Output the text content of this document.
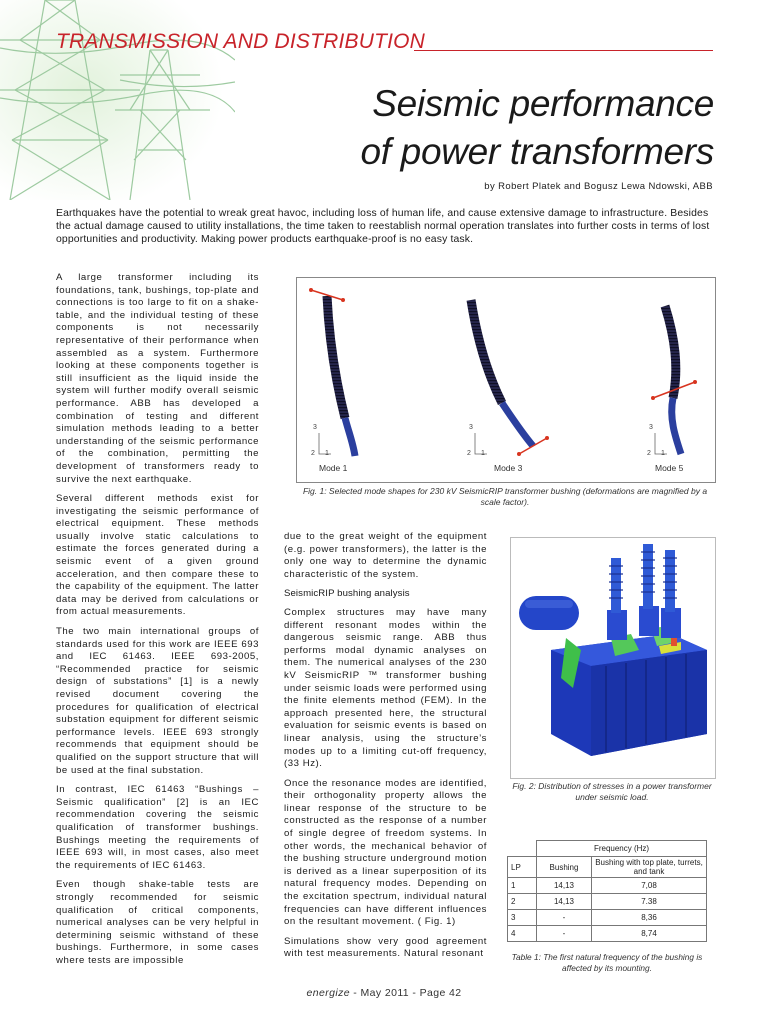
TRANSMISSION AND DISTRIBUTION
Seismic performance
of power transformers
by Robert Platek and Bogusz Lewa Ndowski, ABB
Earthquakes have the potential to wreak great havoc, including loss of human life, and cause extensive damage to infrastructure. Besides the actual damage caused to utility installations, the time taken to reestablish normal operation translates into further costs in terms of lost opportunities and productivity. Making power products earthquake-proof is no easy task.

A large transformer including its foundations, tank, bushings, top-plate and connections is too large to fit on a shake-table, and the individual testing of these components is not necessarily representative of their performance when assembled as a system. Furthermore looking at these components together is still insufficient as the liquid inside the system will further modify overall seismic performance. ABB has developed a combination of testing and different simulation methods leading to a better understanding of the seismic performance of the combination, permitting the development of transformers ready to survive the next earthquake.

Several different methods exist for investigating the seismic performance of electrical equipment. These methods usually involve static calculations to estimate the forces generated during a seismic event of a given ground acceleration, and then compare these to the capability of the equipment. The latter data may be derived from calculations or from actual measurements.

The two main international groups of standards used for this work are IEEE 693 and IEC 61463. IEEE 693-2005, “Recommended practice for seismic design of substations” [1] is a newly revised document covering the procedures for qualification of electrical substation equipment for different seismic performance levels. IEEE 693 strongly recommends that equipment should be qualified on the support structure that will be used at the final substation.

In contrast, IEC 61463 “Bushings – Seismic qualification” [2] is an IEC recommendation covering the seismic qualification of transformer bushings. Bushings meeting the requirements of IEEE 693 will, in most cases, also meet the requirements of IEC 61463.

Even though shake-table tests are strongly recommended for seismic qualification of critical components, numerical analyses can be very helpful in determining seismic withstand of these bushings. Furthermore, in some cases where tests are impossible

3
2 1
3
2 1
3
2 1
Mode 1	Mode 3	Mode 5
Fig. 1: Selected mode shapes for 230 kV SeismicRIP transformer bushing (deformations are magnified by a scale factor).

due to the great weight of the equipment (e.g. power transformers), the latter is the only one way to determine the dynamic characteristic of the system.

SeismicRIP bushing analysis

Complex structures may have many different resonant modes within the dangerous seismic range. ABB thus performs modal dynamic analyses on them. The numerical analyses of the 230 kV SeismicRIP ™ transformer bushing under seismic loads were performed using the finite elements method (FEM). In the approach presented here, the structural evaluation for seismic events is based on linear analysis, using the structure’s modes up to a limiting cut-off frequency, (33 Hz).

Once the resonance modes are identified, their orthogonality property allows the linear response of the structure to be constructed as the response of a number of single degree of freedom systems. In other words, the mechanical behavior of the bushing structure underground motion is derived as a linear superposition of its natural frequency modes. Depending on the excitation spectrum, individual natural frequencies can have different influences on the resultant movement. ( Fig. 1)

Simulations show very good agreement with test measurements. Natural resonant

Fig. 2: Distribution of stresses in a power transformer under seismic load.
	Frequency (Hz)	
LP	Bushing	Bushing with top plate, turrets, and tank
1	14,13	7,08
2	14,13	7.38
3	-	8,36
4	-	8,74
Table 1: The first natural frequency of the bushing is affected by its mounting.
energize - May 2011 - Page 42
